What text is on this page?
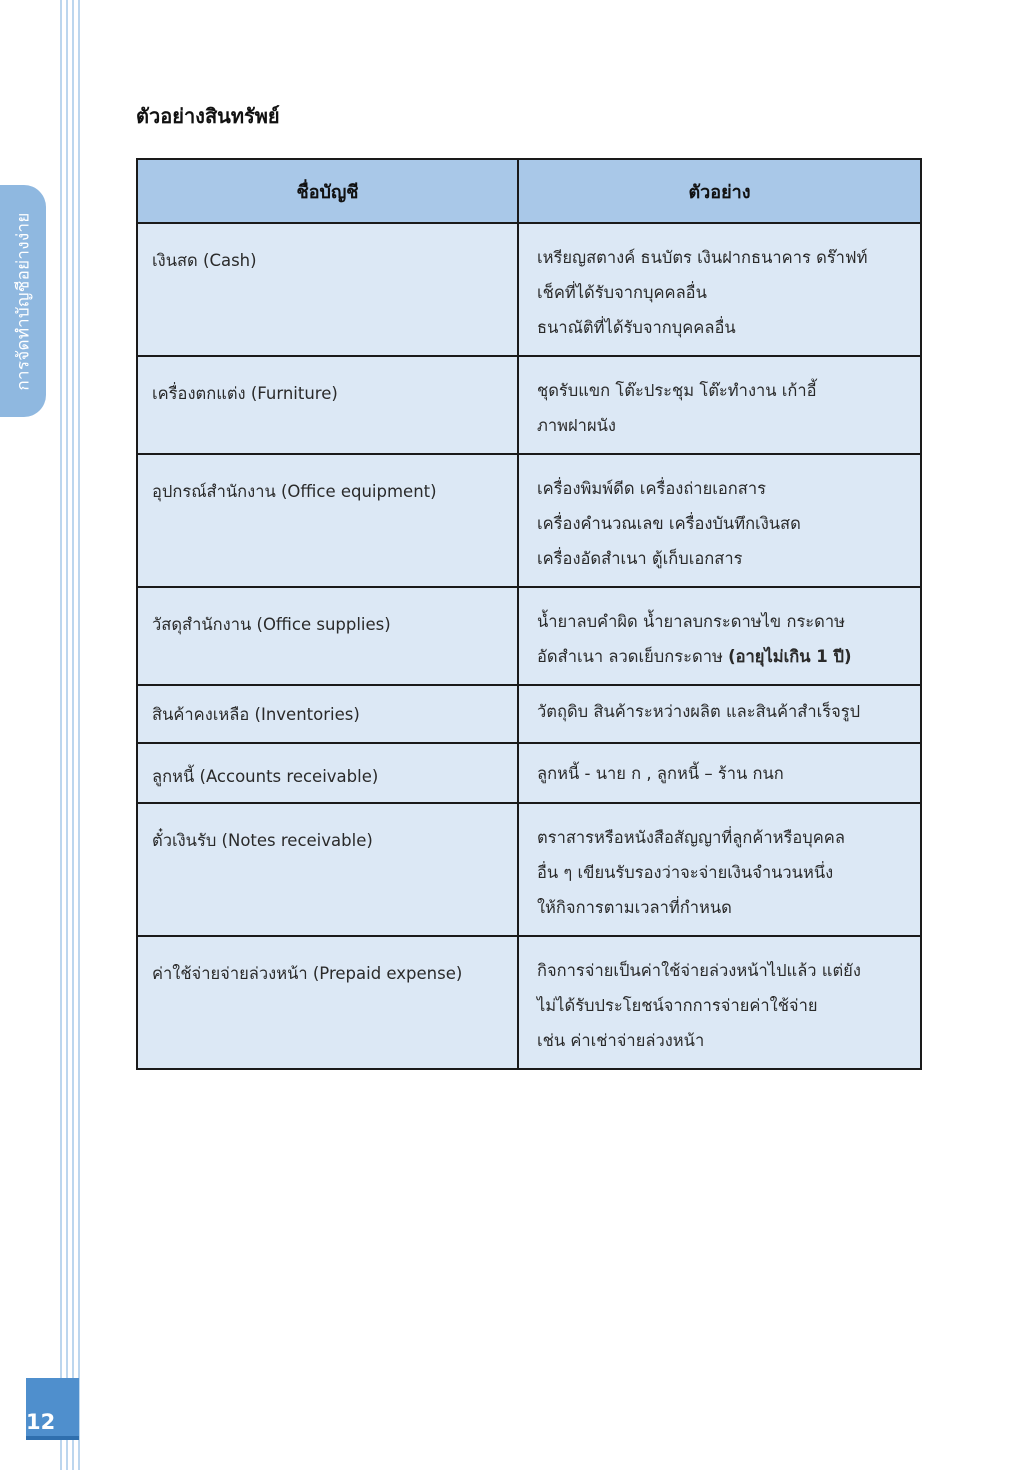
การจัดทำบัญชีอย่างง่าย
12
ตัวอย่างสินทรัพย์
ชื่อบัญชี	ตัวอย่าง
เงินสด (Cash)	เหรียญสตางค์ ธนบัตร เงินฝากธนาคาร ดร๊าฟท์
เช็คที่ได้รับจากบุคคลอื่น
ธนาณัติที่ได้รับจากบุคคลอื่น

เครื่องตกแต่ง (Furniture)	ชุดรับแขก โต๊ะประชุม โต๊ะทำงาน เก้าอี้
ภาพฝาผนัง

อุปกรณ์สำนักงาน (Office equipment)	เครื่องพิมพ์ดีด เครื่องถ่ายเอกสาร
เครื่องคำนวณเลข เครื่องบันทึกเงินสด
เครื่องอัดสำเนา ตู้เก็บเอกสาร

วัสดุสำนักงาน (Office supplies)	น้ำยาลบคำผิด น้ำยาลบกระดาษไข กระดาษ
อัดสำเนา ลวดเย็บกระดาษ (อายุไม่เกิน 1 ปี)

สินค้าคงเหลือ (Inventories)	วัตถุดิบ สินค้าระหว่างผลิต และสินค้าสำเร็จรูป

ลูกหนี้ (Accounts receivable)	ลูกหนี้ - นาย ก , ลูกหนี้ – ร้าน กนก

ตั๋วเงินรับ (Notes receivable)	ตราสารหรือหนังสือสัญญาที่ลูกค้าหรือบุคคล
อื่น ๆ เขียนรับรองว่าจะจ่ายเงินจำนวนหนึ่ง
ให้กิจการตามเวลาที่กำหนด

ค่าใช้จ่ายจ่ายล่วงหน้า (Prepaid expense)	กิจการจ่ายเป็นค่าใช้จ่ายล่วงหน้าไปแล้ว แต่ยัง
ไม่ได้รับประโยชน์จากการจ่ายค่าใช้จ่าย
เช่น ค่าเช่าจ่ายล่วงหน้า
